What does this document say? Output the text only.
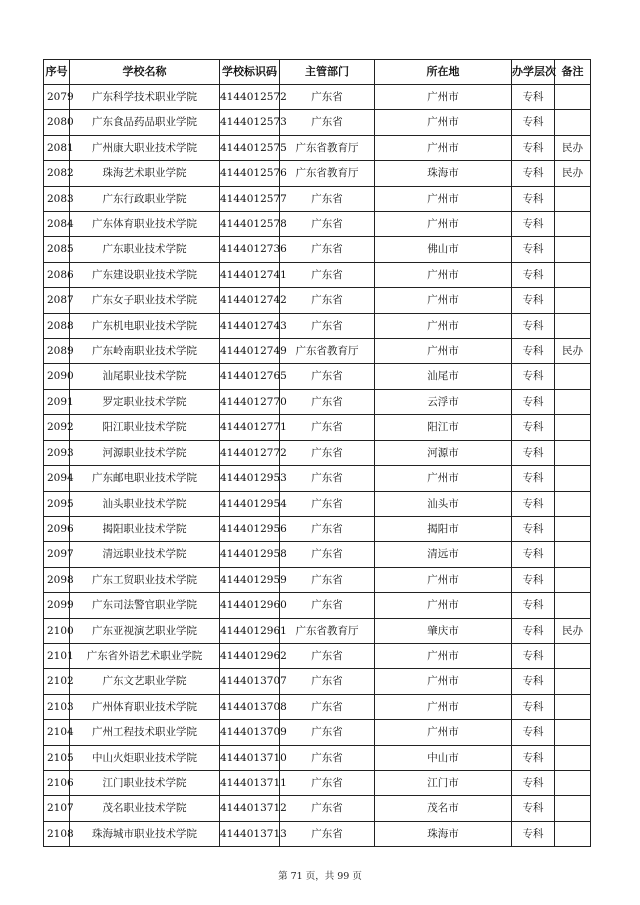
序号	学校名称	学校标识码	主管部门	所在地	办学层次	备注
2079	广东科学技术职业学院	4144012572	广东省	广州市	专科	
2080	广东食品药品职业学院	4144012573	广东省	广州市	专科	
2081	广州康大职业技术学院	4144012575	广东省教育厅	广州市	专科	民办
2082	珠海艺术职业学院	4144012576	广东省教育厅	珠海市	专科	民办
2083	广东行政职业学院	4144012577	广东省	广州市	专科	
2084	广东体育职业技术学院	4144012578	广东省	广州市	专科	
2085	广东职业技术学院	4144012736	广东省	佛山市	专科	
2086	广东建设职业技术学院	4144012741	广东省	广州市	专科	
2087	广东女子职业技术学院	4144012742	广东省	广州市	专科	
2088	广东机电职业技术学院	4144012743	广东省	广州市	专科	
2089	广东岭南职业技术学院	4144012749	广东省教育厅	广州市	专科	民办
2090	汕尾职业技术学院	4144012765	广东省	汕尾市	专科	
2091	罗定职业技术学院	4144012770	广东省	云浮市	专科	
2092	阳江职业技术学院	4144012771	广东省	阳江市	专科	
2093	河源职业技术学院	4144012772	广东省	河源市	专科	
2094	广东邮电职业技术学院	4144012953	广东省	广州市	专科	
2095	汕头职业技术学院	4144012954	广东省	汕头市	专科	
2096	揭阳职业技术学院	4144012956	广东省	揭阳市	专科	
2097	清远职业技术学院	4144012958	广东省	清远市	专科	
2098	广东工贸职业技术学院	4144012959	广东省	广州市	专科	
2099	广东司法警官职业学院	4144012960	广东省	广州市	专科	
2100	广东亚视演艺职业学院	4144012961	广东省教育厅	肇庆市	专科	民办
2101	广东省外语艺术职业学院	4144012962	广东省	广州市	专科	
2102	广东文艺职业学院	4144013707	广东省	广州市	专科	
2103	广州体育职业技术学院	4144013708	广东省	广州市	专科	
2104	广州工程技术职业学院	4144013709	广东省	广州市	专科	
2105	中山火炬职业技术学院	4144013710	广东省	中山市	专科	
2106	江门职业技术学院	4144013711	广东省	江门市	专科	
2107	茂名职业技术学院	4144013712	广东省	茂名市	专科	
2108	珠海城市职业技术学院	4144013713	广东省	珠海市	专科	
第 71 页，共 99 页
